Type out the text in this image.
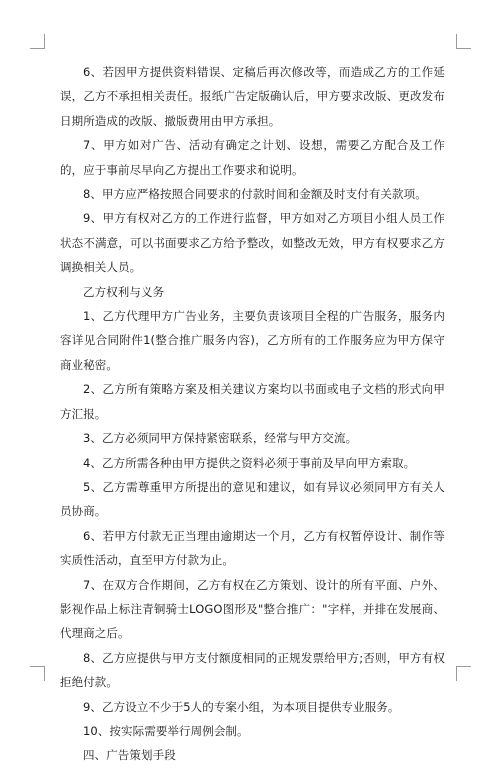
6、若因甲方提供资料错误、定稿后再次修改等，而造成乙方的工作延误，乙方不承担相关责任。报纸广告定版确认后，甲方要求改版、更改发布日期所造成的改版、撤版费用由甲方承担。

7、甲方如对广告、活动有确定之计划、设想，需要乙方配合及工作的，应于事前尽早向乙方提出工作要求和说明。

8、甲方应严格按照合同要求的付款时间和金额及时支付有关款项。

9、甲方有权对乙方的工作进行监督，甲方如对乙方项目小组人员工作状态不满意，可以书面要求乙方给予整改，如整改无效，甲方有权要求乙方调换相关人员。

乙方权利与义务

1、乙方代理甲方广告业务，主要负责该项目全程的广告服务，服务内容详见合同附件1(整合推广服务内容)，乙方所有的工作服务应为甲方保守商业秘密。

2、乙方所有策略方案及相关建议方案均以书面或电子文档的形式向甲方汇报。

3、乙方必须同甲方保持紧密联系，经常与甲方交流。

4、乙方所需各种由甲方提供之资料必须于事前及早向甲方索取。

5、乙方需尊重甲方所提出的意见和建议，如有异议必须同甲方有关人员协商。

6、若甲方付款无正当理由逾期达一个月，乙方有权暂停设计、制作等实质性活动，直至甲方付款为止。

7、在双方合作期间，乙方有权在乙方策划、设计的所有平面、户外、影视作品上标注青铜骑士LOGO图形及"整合推广："字样，并排在发展商、代理商之后。

8、乙方应提供与甲方支付额度相同的正规发票给甲方;否则，甲方有权拒绝付款。

9、乙方设立不少于5人的专案小组，为本项目提供专业服务。

10、按实际需要举行周例会制。

四、广告策划手段
